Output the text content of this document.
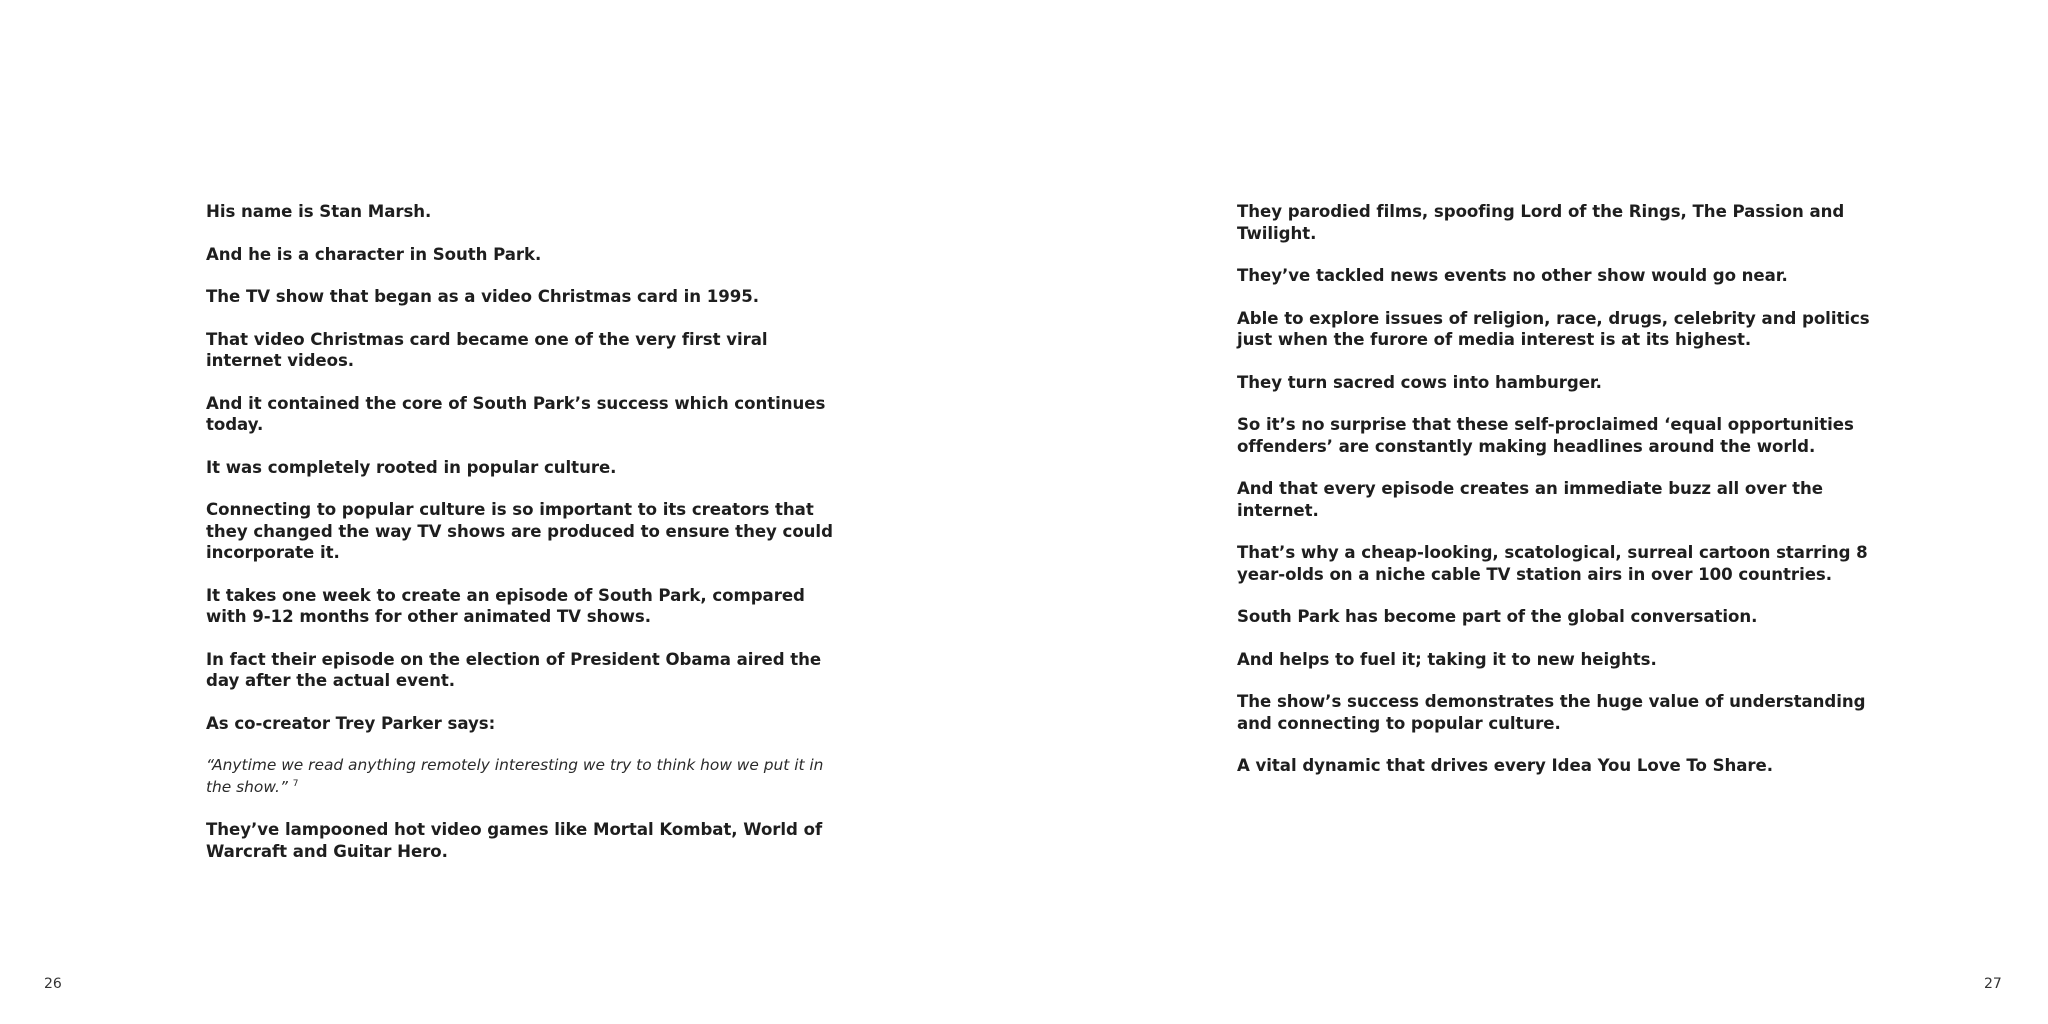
His name is Stan Marsh.

And he is a character in South Park.

The TV show that began as a video Christmas card in 1995.

That video Christmas card became one of the very first viral internet videos.

And it contained the core of South Park’s success which continues today.

It was completely rooted in popular culture.

Connecting to popular culture is so important to its creators that they changed the way TV shows are produced to ensure they could incorporate it.

It takes one week to create an episode of South Park, compared with 9-12 months for other animated TV shows.

In fact their episode on the election of President Obama aired the day after the actual event.

As co-creator Trey Parker says:

“Anytime we read anything remotely interesting we try to think how we put it in the show.” $^7$

They’ve lampooned hot video games like Mortal Kombat, World of Warcraft and Guitar Hero.

26

They parodied films, spoofing Lord of the Rings, The Passion and Twilight.

They’ve tackled news events no other show would go near.

Able to explore issues of religion, race, drugs, celebrity and politics just when the furore of media interest is at its highest.

They turn sacred cows into hamburger.

So it’s no surprise that these self-proclaimed ‘equal opportunities offenders’ are constantly making headlines around the world.

And that every episode creates an immediate buzz all over the internet.

That’s why a cheap-looking, scatological, surreal cartoon starring 8 year-olds on a niche cable TV station airs in over 100 countries.

South Park has become part of the global conversation.

And helps to fuel it; taking it to new heights.

The show’s success demonstrates the huge value of understanding and connecting to popular culture.

A vital dynamic that drives every Idea You Love To Share.

27
